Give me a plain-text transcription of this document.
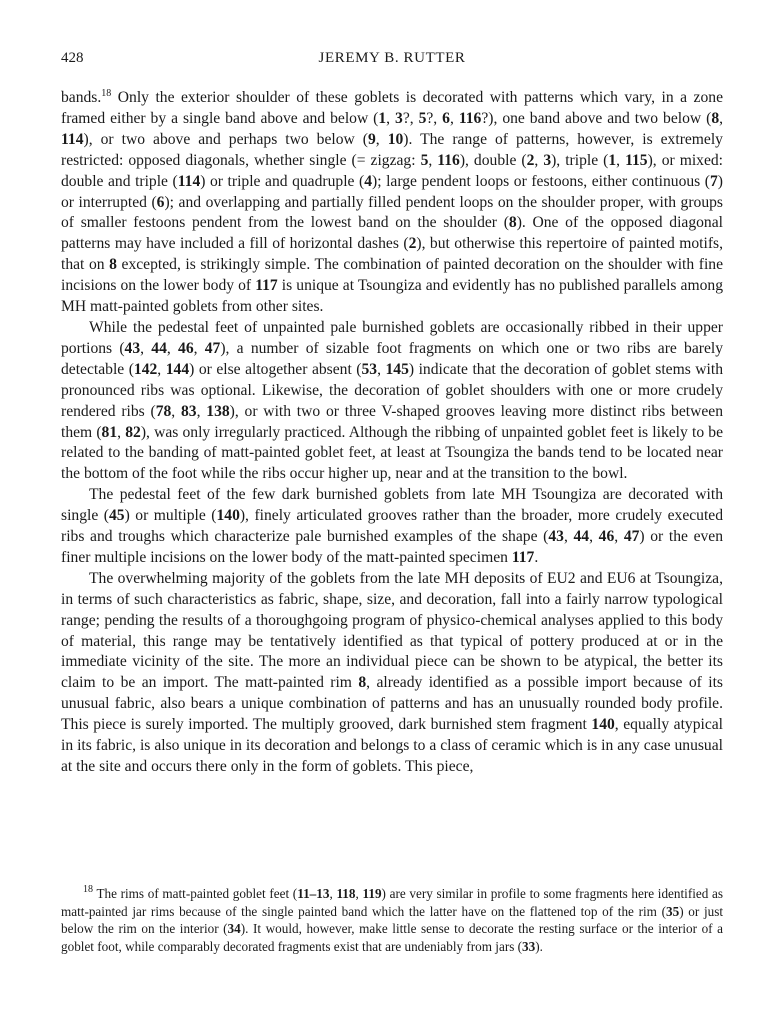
428	JEREMY B. RUTTER

bands.$^{18}$ Only the exterior shoulder of these goblets is decorated with patterns which vary, in a zone framed either by a single band above and below (1, 3?, 5?, 6, 116?), one band above and two below (8, 114), or two above and perhaps two below (9, 10). The range of patterns, however, is extremely restricted: opposed diagonals, whether single (= zigzag: 5, 116), double (2, 3), triple (1, 115), or mixed: double and triple (114) or triple and quadruple (4); large pendent loops or festoons, either continuous (7) or interrupted (6); and overlapping and partially filled pendent loops on the shoulder proper, with groups of smaller festoons pendent from the lowest band on the shoulder (8). One of the opposed diagonal patterns may have included a fill of horizontal dashes (2), but otherwise this repertoire of painted motifs, that on 8 excepted, is strikingly simple. The combination of painted decoration on the shoulder with fine incisions on the lower body of 117 is unique at Tsoungiza and evidently has no published parallels among MH matt-painted goblets from other sites.

While the pedestal feet of unpainted pale burnished goblets are occasionally ribbed in their upper portions (43, 44, 46, 47), a number of sizable foot fragments on which one or two ribs are barely detectable (142, 144) or else altogether absent (53, 145) indicate that the decoration of goblet stems with pronounced ribs was optional. Likewise, the decoration of goblet shoulders with one or more crudely rendered ribs (78, 83, 138), or with two or three V-shaped grooves leaving more distinct ribs between them (81, 82), was only irregularly practiced. Although the ribbing of unpainted goblet feet is likely to be related to the banding of matt-painted goblet feet, at least at Tsoungiza the bands tend to be located near the bottom of the foot while the ribs occur higher up, near and at the transition to the bowl.

The pedestal feet of the few dark burnished goblets from late MH Tsoungiza are decorated with single (45) or multiple (140), finely articulated grooves rather than the broader, more crudely executed ribs and troughs which characterize pale burnished examples of the shape (43, 44, 46, 47) or the even finer multiple incisions on the lower body of the matt-painted specimen 117.

The overwhelming majority of the goblets from the late MH deposits of EU2 and EU6 at Tsoungiza, in terms of such characteristics as fabric, shape, size, and decoration, fall into a fairly narrow typological range; pending the results of a thoroughgoing program of physico-chemical analyses applied to this body of material, this range may be tentatively identified as that typical of pottery produced at or in the immediate vicinity of the site. The more an individual piece can be shown to be atypical, the better its claim to be an import. The matt-painted rim 8, already identified as a possible import because of its unusual fabric, also bears a unique combination of patterns and has an unusually rounded body profile. This piece is surely imported. The multiply grooved, dark burnished stem fragment 140, equally atypical in its fabric, is also unique in its decoration and belongs to a class of ceramic which is in any case unusual at the site and occurs there only in the form of goblets. This piece,

$^{18}$ The rims of matt-painted goblet feet (11–13, 118, 119) are very similar in profile to some fragments here identified as matt-painted jar rims because of the single painted band which the latter have on the flattened top of the rim (35) or just below the rim on the interior (34). It would, however, make little sense to decorate the resting surface or the interior of a goblet foot, while comparably decorated fragments exist that are undeniably from jars (33).
